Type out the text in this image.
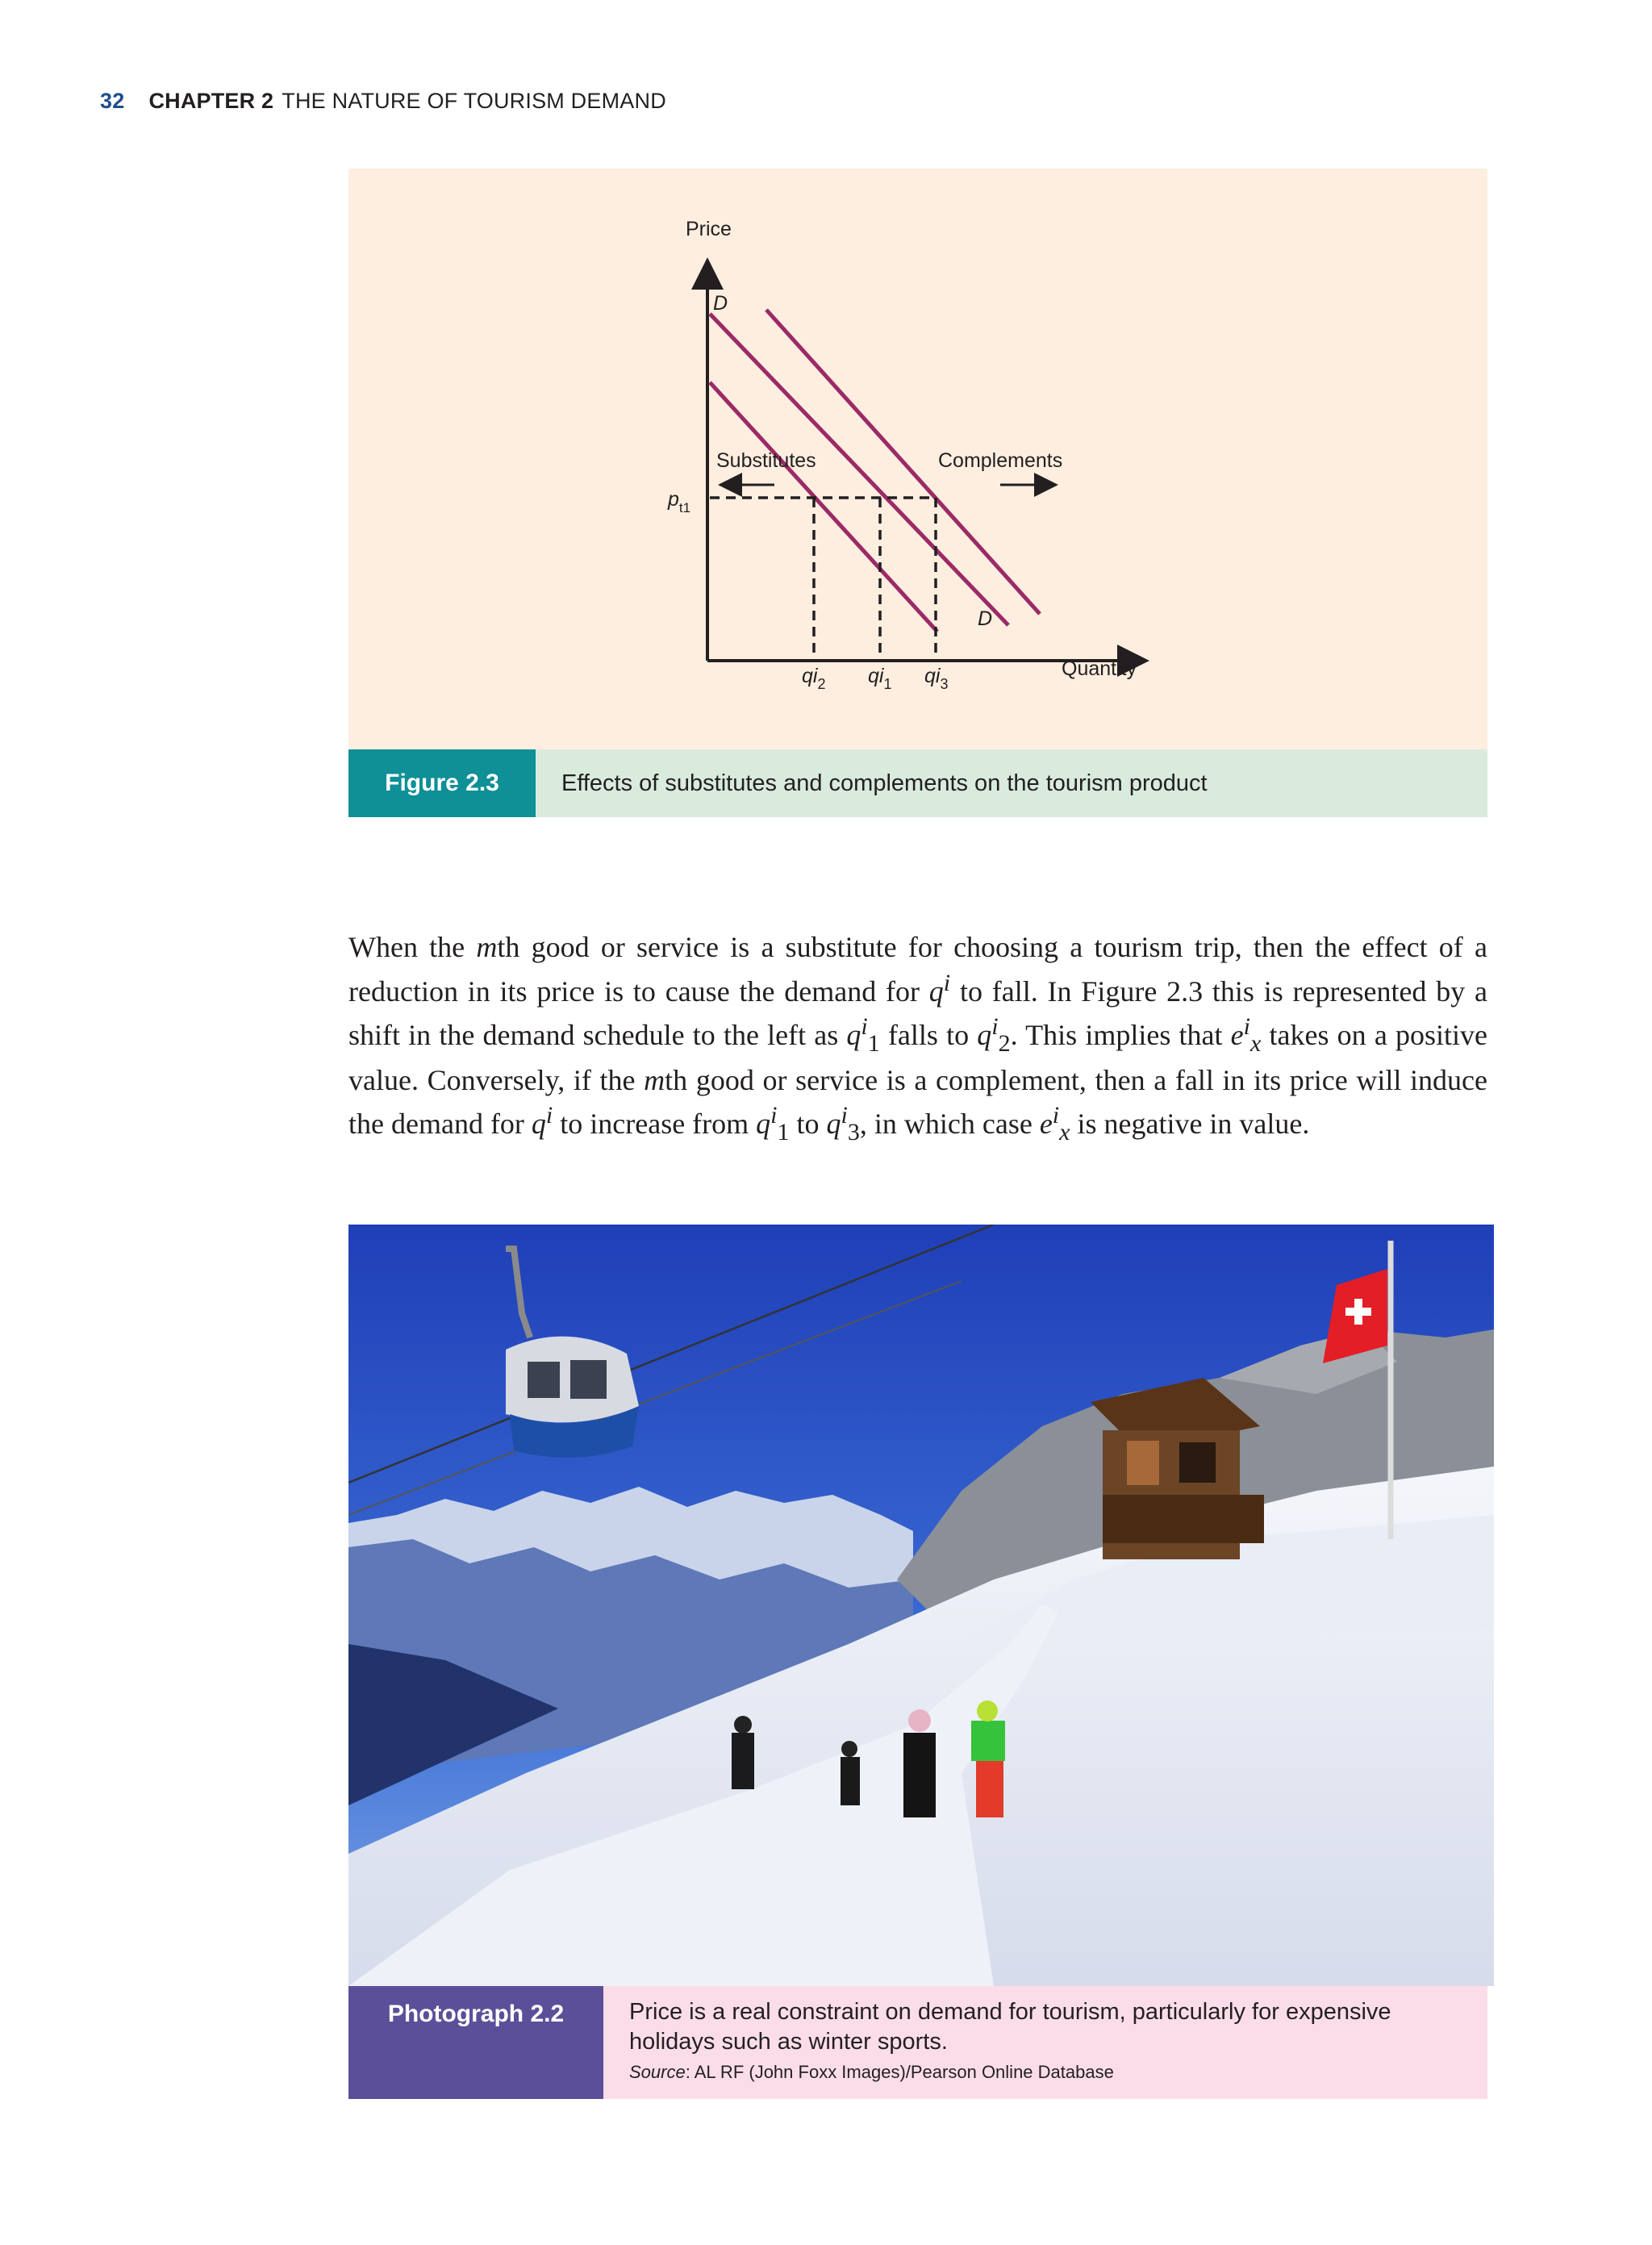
32 CHAPTER 2 THE NATURE OF TOURISM DEMAND
Price
Quantity
D
D
$p_{t1}$
$qi_2$ $qi_1$ $qi_3$
Substitutes	Complements
Figure 2.3	Effects of substitutes and complements on the tourism product

When the mth good or service is a substitute for choosing a tourism trip, then the effect of a reduction in its price is to cause the demand for $q^i$ to fall. In Figure 2.3 this is represented by a shift in the demand schedule to the left as $q^i_1$ falls to $q^i_2$. This implies that $e^i_x$ takes on a positive value. Conversely, if the mth good or service is a complement, then a fall in its price will induce the demand for $q^i$ to increase from $q^i_1$ to $q^i_3$, in which case $e^i_x$ is negative in value.

Photograph 2.2	Price is a real constraint on demand for tourism, particularly for expensive holidays such as winter sports.
Source: AL RF (John Foxx Images)/Pearson Online Database
